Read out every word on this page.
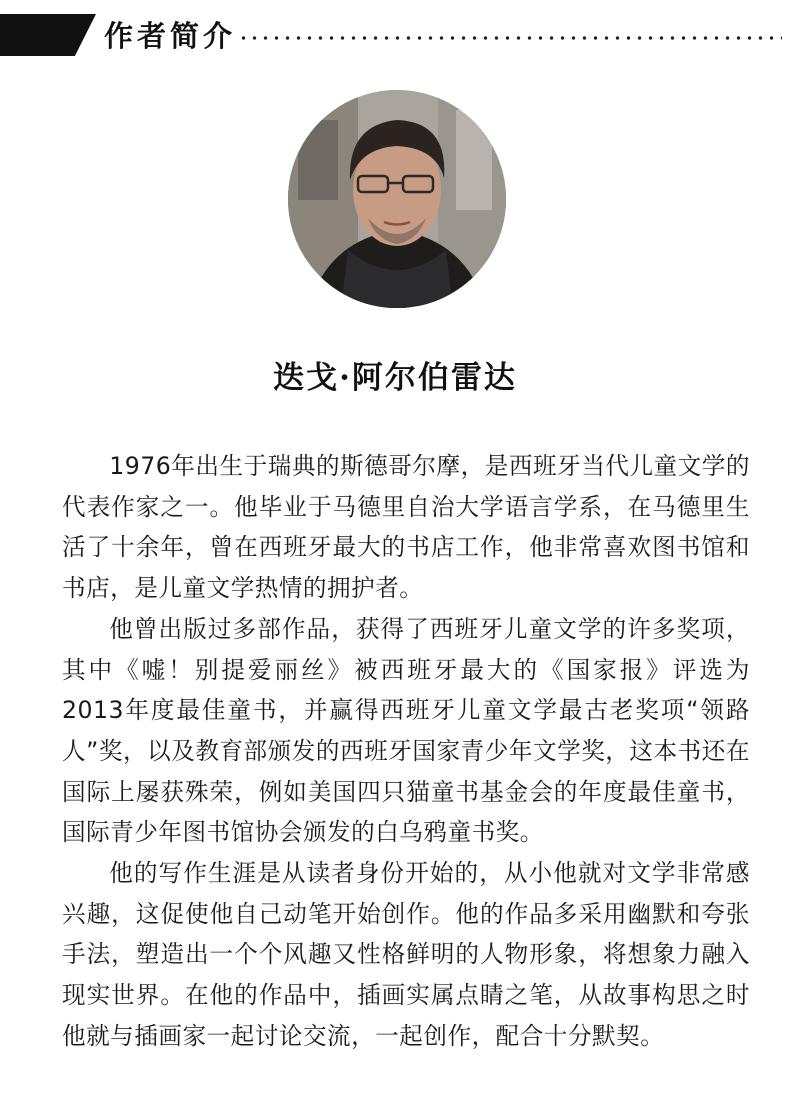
作者简介
迭戈·阿尔伯雷达

1976年出生于瑞典的斯德哥尔摩，是西班牙当代儿童文学的代表作家之一。他毕业于马德里自治大学语言学系，在马德里生活了十余年，曾在西班牙最大的书店工作，他非常喜欢图书馆和书店，是儿童文学热情的拥护者。

他曾出版过多部作品，获得了西班牙儿童文学的许多奖项，其中《嘘！别提爱丽丝》被西班牙最大的《国家报》评选为2013年度最佳童书，并赢得西班牙儿童文学最古老奖项“领路人”奖，以及教育部颁发的西班牙国家青少年文学奖，这本书还在国际上屡获殊荣，例如美国四只猫童书基金会的年度最佳童书，国际青少年图书馆协会颁发的白乌鸦童书奖。

他的写作生涯是从读者身份开始的，从小他就对文学非常感兴趣，这促使他自己动笔开始创作。他的作品多采用幽默和夸张手法，塑造出一个个风趣又性格鲜明的人物形象，将想象力融入现实世界。在他的作品中，插画实属点睛之笔，从故事构思之时他就与插画家一起讨论交流，一起创作，配合十分默契。
